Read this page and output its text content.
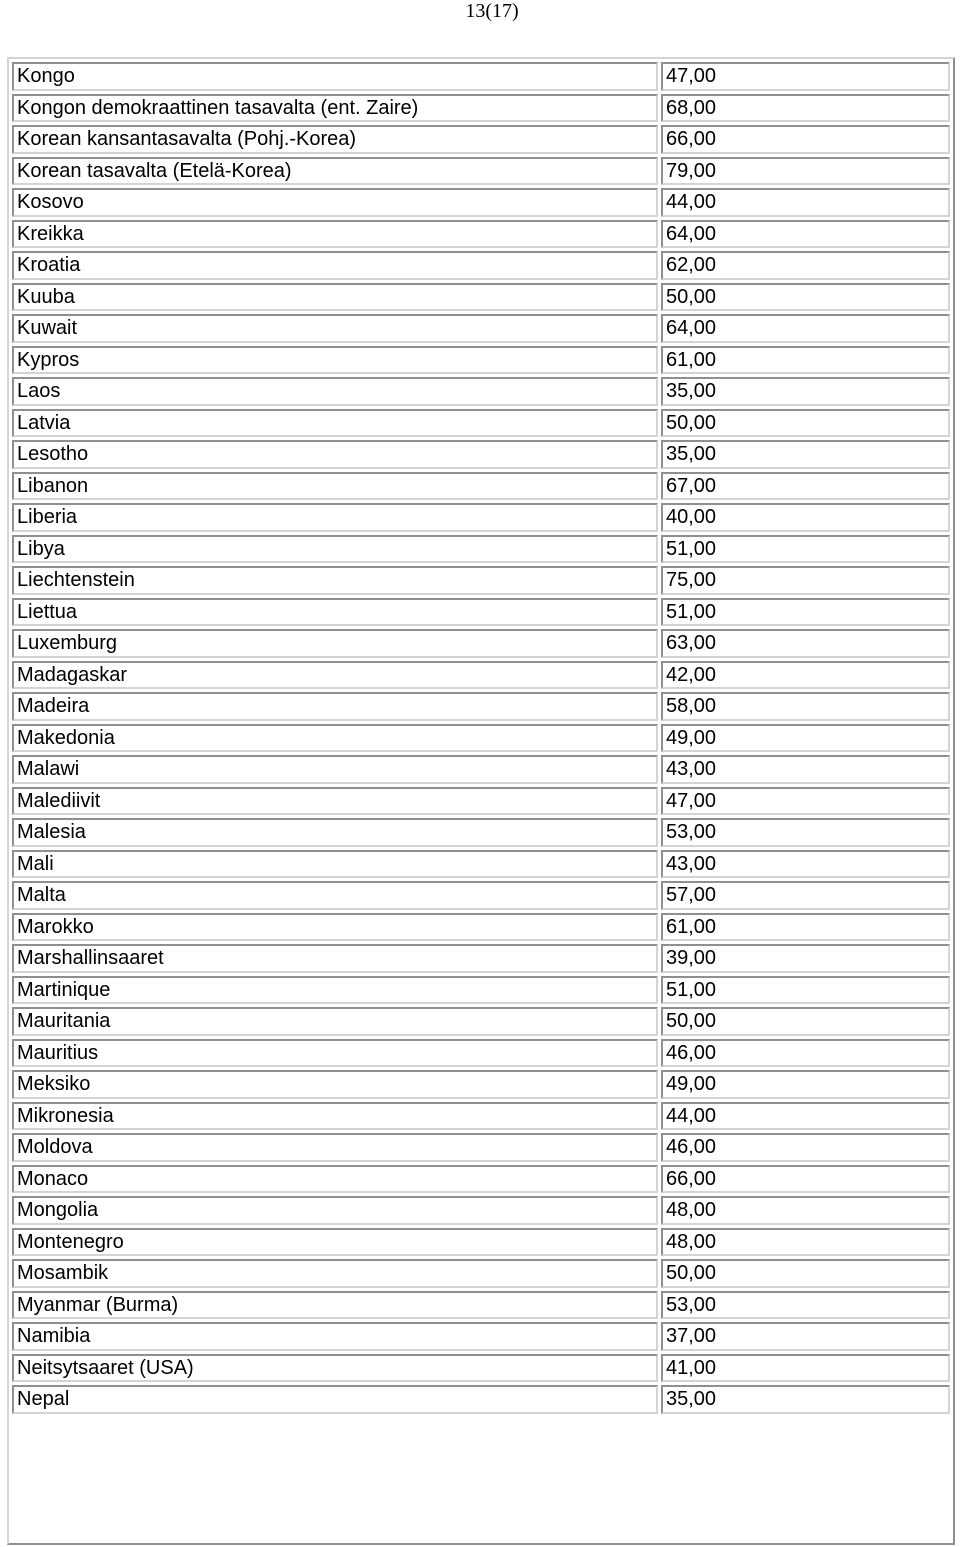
13(17)
Kongo	47,00
Kongon demokraattinen tasavalta (ent. Zaire)	68,00
Korean kansantasavalta (Pohj.-Korea)	66,00
Korean tasavalta (Etelä-Korea)	79,00
Kosovo	44,00
Kreikka	64,00
Kroatia	62,00
Kuuba	50,00
Kuwait	64,00
Kypros	61,00
Laos	35,00
Latvia	50,00
Lesotho	35,00
Libanon	67,00
Liberia	40,00
Libya	51,00
Liechtenstein	75,00
Liettua	51,00
Luxemburg	63,00
Madagaskar	42,00
Madeira	58,00
Makedonia	49,00
Malawi	43,00
Malediivit	47,00
Malesia	53,00
Mali	43,00
Malta	57,00
Marokko	61,00
Marshallinsaaret	39,00
Martinique	51,00
Mauritania	50,00
Mauritius	46,00
Meksiko	49,00
Mikronesia	44,00
Moldova	46,00
Monaco	66,00
Mongolia	48,00
Montenegro	48,00
Mosambik	50,00
Myanmar (Burma)	53,00
Namibia	37,00
Neitsytsaaret (USA)	41,00
Nepal	35,00
